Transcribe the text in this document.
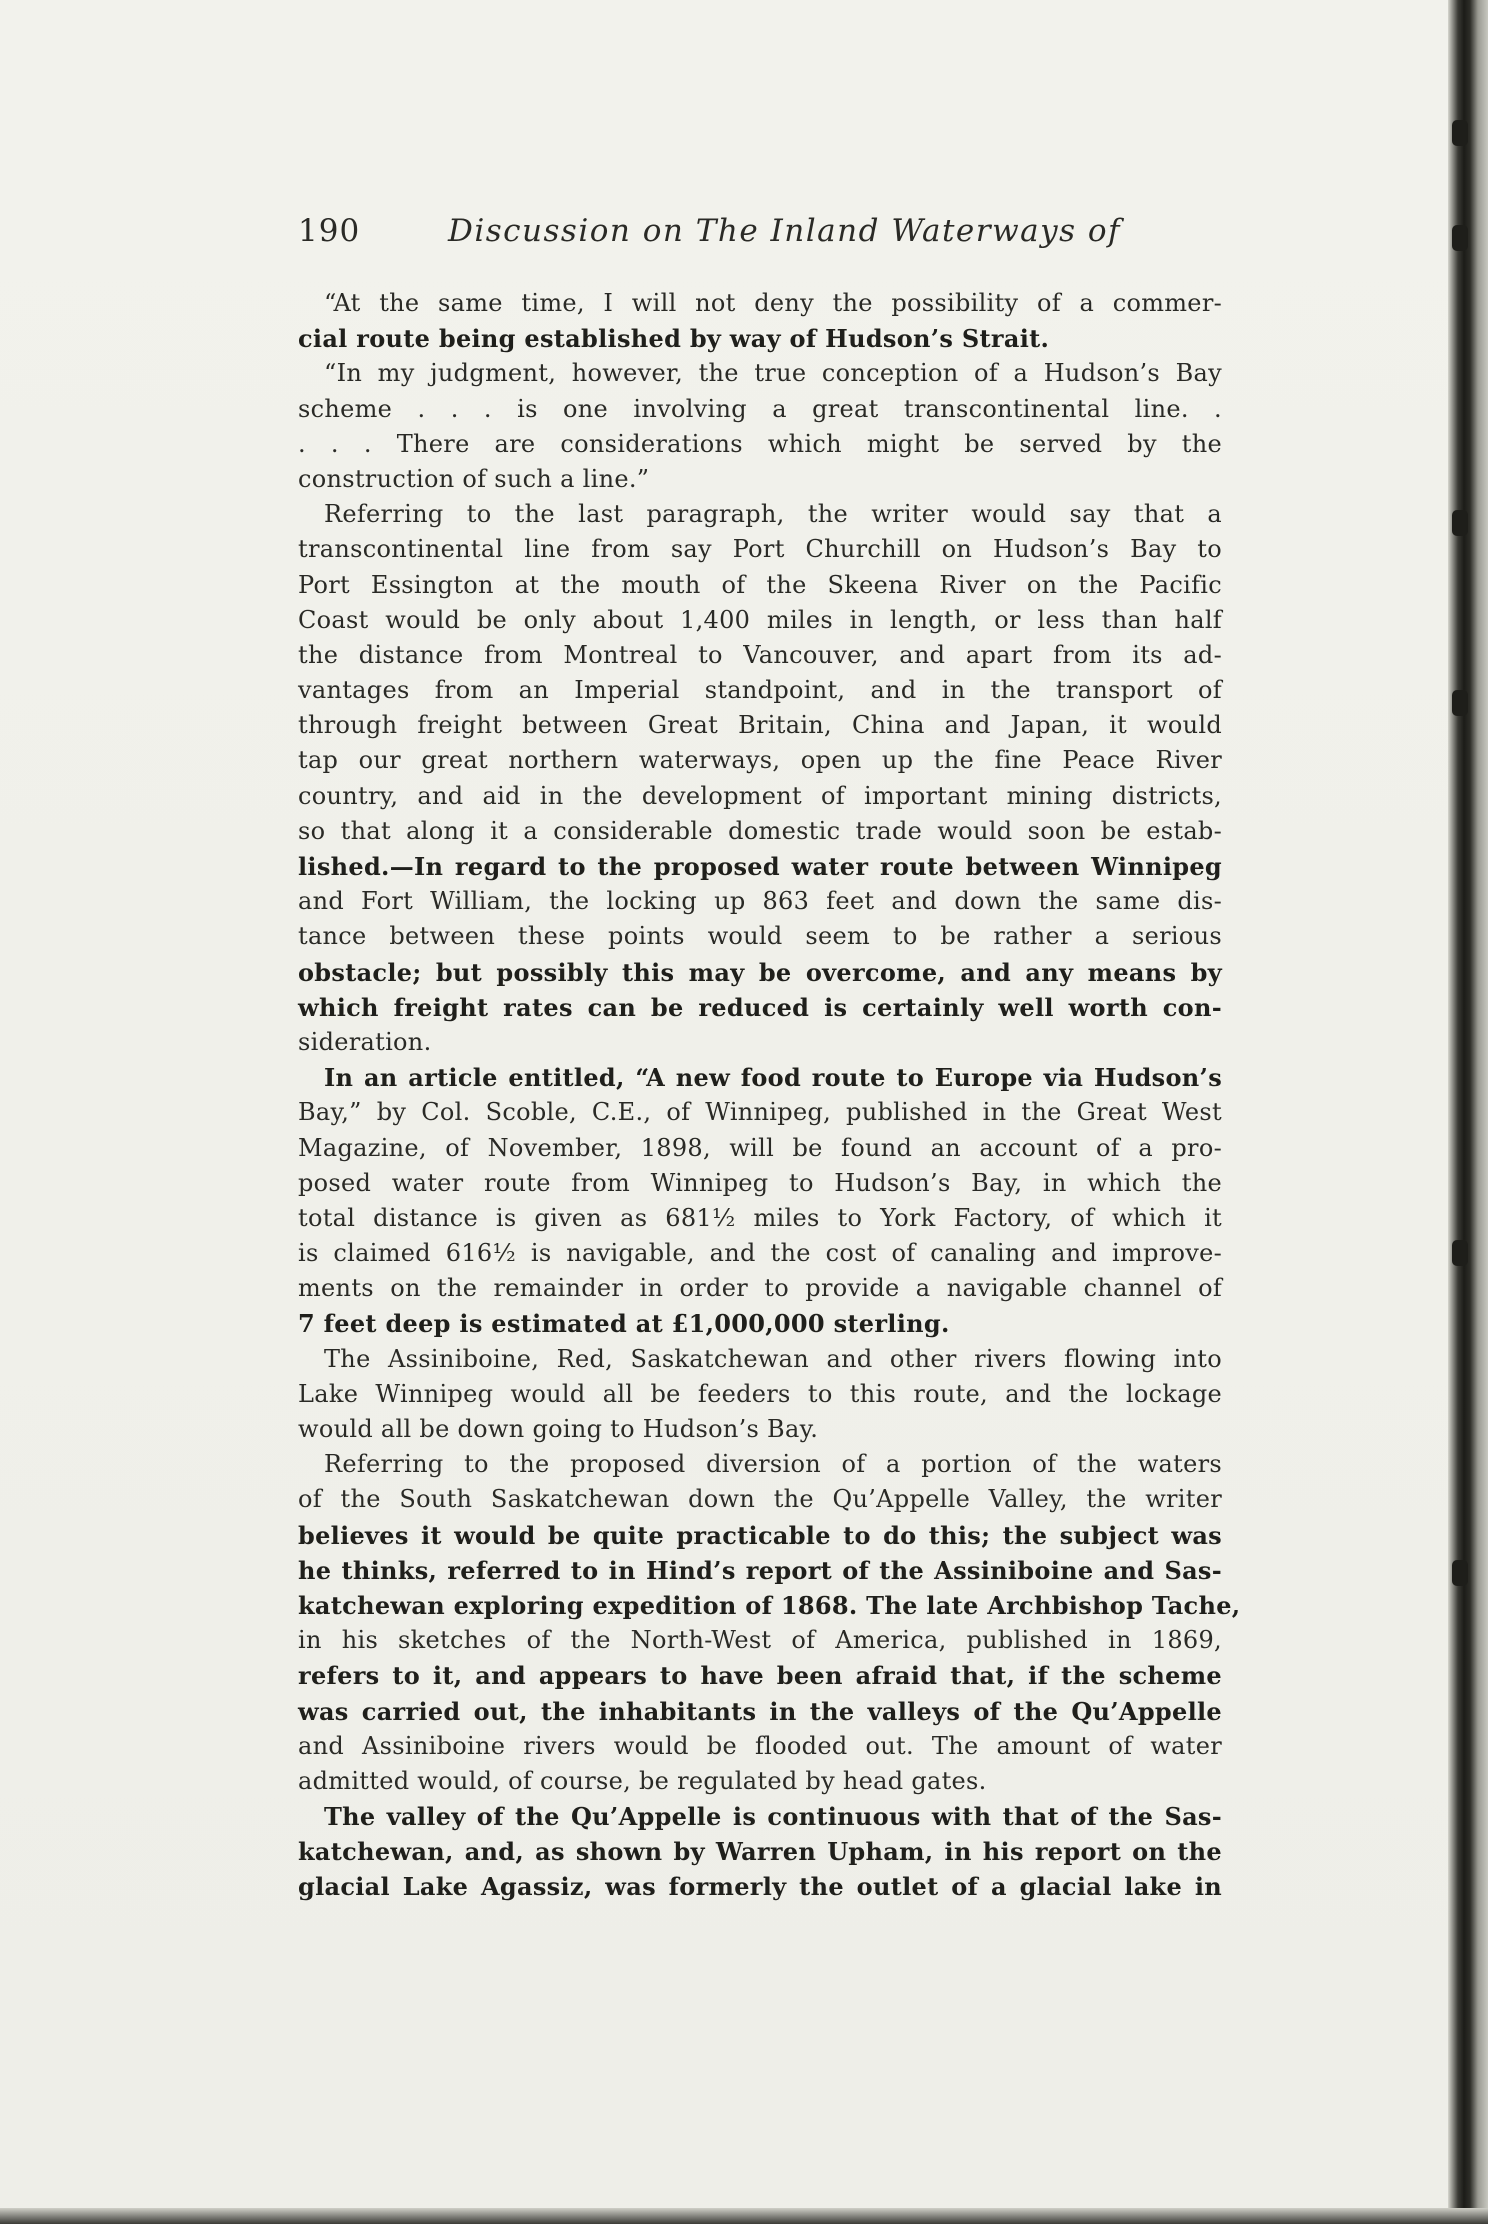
190	Discussion on The Inland Waterways of
“At the same time, I will not deny the possibility of a commer-
cial route being established by way of Hudson’s Strait.
“In my judgment, however, the true conception of a Hudson’s Bay
scheme . . . is one involving a great transcontinental line. .
. . . There are considerations which might be served by the
construction of such a line.”
Referring to the last paragraph, the writer would say that a
transcontinental line from say Port Churchill on Hudson’s Bay to
Port Essington at the mouth of the Skeena River on the Pacific
Coast would be only about 1,400 miles in length, or less than half
the distance from Montreal to Vancouver, and apart from its ad-
vantages from an Imperial standpoint, and in the transport of
through freight between Great Britain, China and Japan, it would
tap our great northern waterways, open up the fine Peace River
country, and aid in the development of important mining districts,
so that along it a considerable domestic trade would soon be estab-
lished.—In regard to the proposed water route between Winnipeg
and Fort William, the locking up 863 feet and down the same dis-
tance between these points would seem to be rather a serious
obstacle; but possibly this may be overcome, and any means by
which freight rates can be reduced is certainly well worth con-
sideration.
In an article entitled, “A new food route to Europe via Hudson’s
Bay,” by Col. Scoble, C.E., of Winnipeg, published in the Great West
Magazine, of November, 1898, will be found an account of a pro-
posed water route from Winnipeg to Hudson’s Bay, in which the
total distance is given as 681½ miles to York Factory, of which it
is claimed 616½ is navigable, and the cost of canaling and improve-
ments on the remainder in order to provide a navigable channel of
7 feet deep is estimated at £1,000,000 sterling.
The Assiniboine, Red, Saskatchewan and other rivers flowing into
Lake Winnipeg would all be feeders to this route, and the lockage
would all be down going to Hudson’s Bay.
Referring to the proposed diversion of a portion of the waters
of the South Saskatchewan down the Qu’Appelle Valley, the writer
believes it would be quite practicable to do this; the subject was
he thinks, referred to in Hind’s report of the Assiniboine and Sas-
katchewan exploring expedition of 1868. The late Archbishop Tache,
in his sketches of the North-West of America, published in 1869,
refers to it, and appears to have been afraid that, if the scheme
was carried out, the inhabitants in the valleys of the Qu’Appelle
and Assiniboine rivers would be flooded out. The amount of water
admitted would, of course, be regulated by head gates.
The valley of the Qu’Appelle is continuous with that of the Sas-
katchewan, and, as shown by Warren Upham, in his report on the
glacial Lake Agassiz, was formerly the outlet of a glacial lake in
